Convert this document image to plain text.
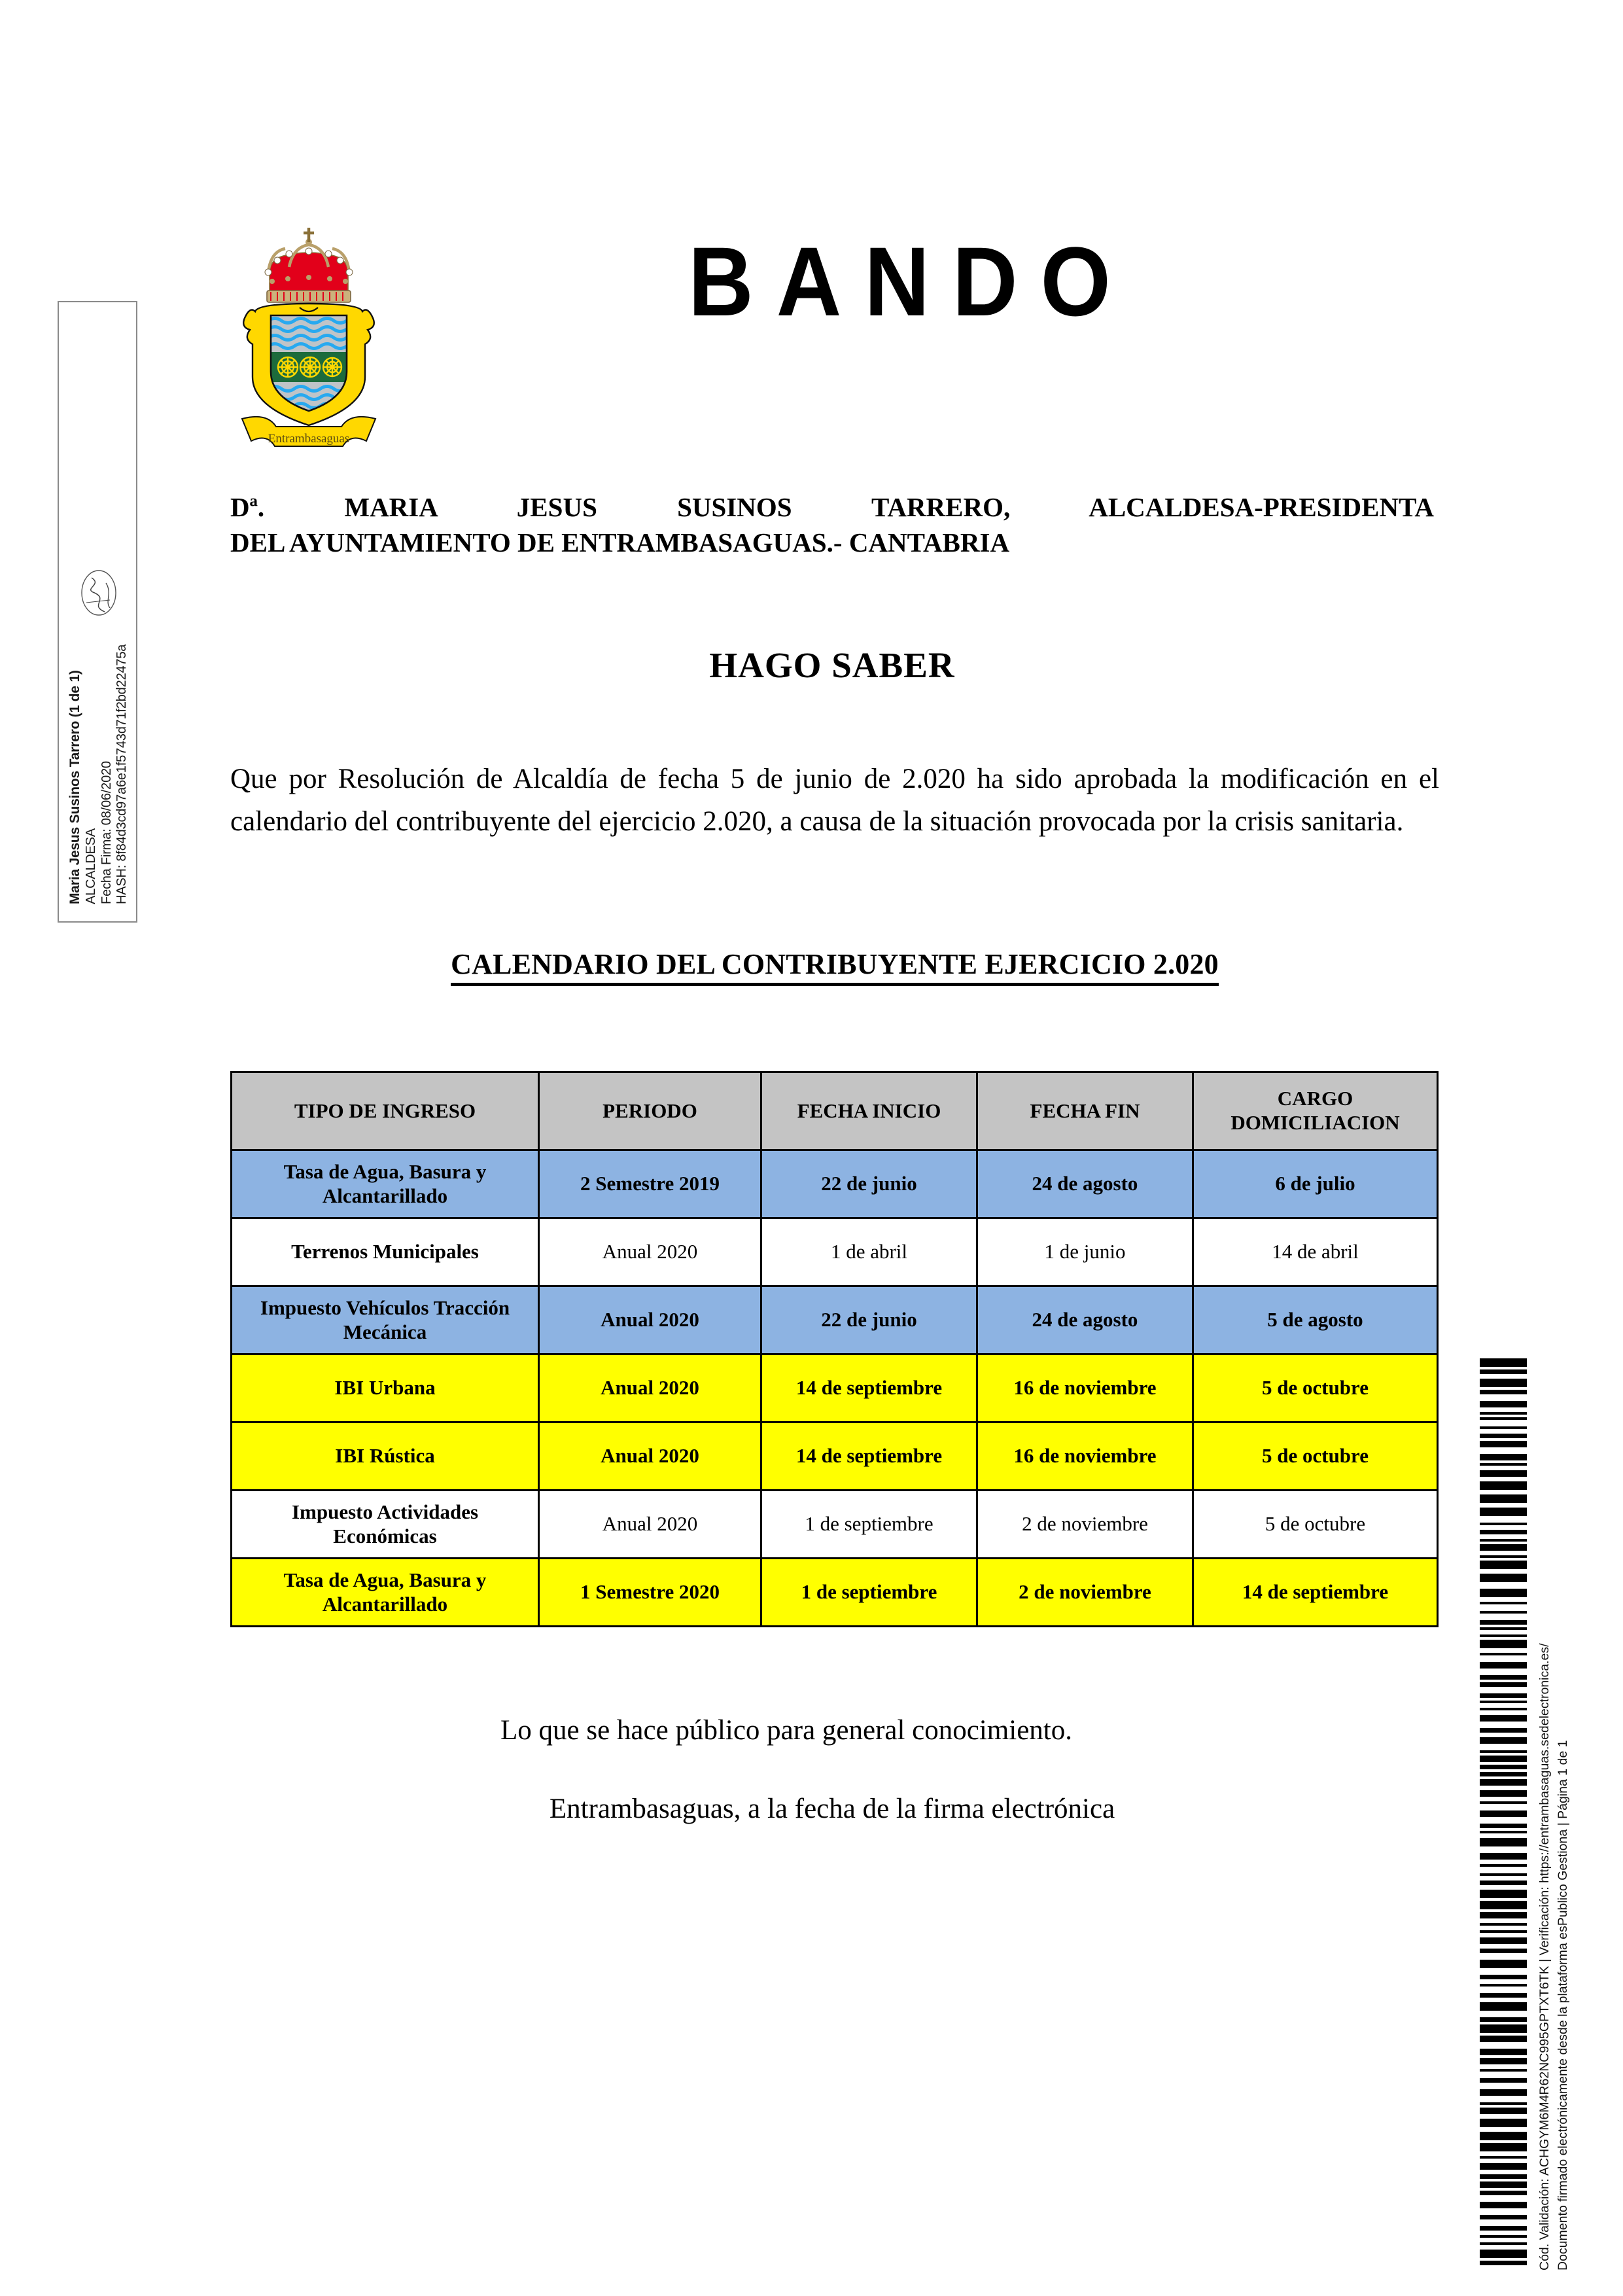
Maria Jesus Susinos Tarrero (1 de 1) ALCALDESA Fecha Firma: 08/06/2020 HASH: 8f84d3cd97a6e1f5743d71f2bd22475a
Entrambasaguas
BANDO
Dª. MARIA JESUS SUSINOS TARRERO, ALCALDESA-PRESIDENTA
DEL AYUNTAMIENTO DE ENTRAMBASAGUAS.- CANTABRIA
HAGO SABER
Que por Resolución de Alcaldía de fecha 5 de junio de 2.020 ha sido aprobada la modificación en el calendario del contribuyente del ejercicio 2.020, a causa de la situación provocada por la crisis sanitaria.
CALENDARIO DEL CONTRIBUYENTE EJERCICIO 2.020
TIPO DE INGRESO	PERIODO	FECHA INICIO	FECHA FIN	CARGO DOMICILIACION
Tasa de Agua, Basura y Alcantarillado	2 Semestre 2019	22 de junio	24 de agosto	6 de julio
Terrenos Municipales	Anual 2020	1 de abril	1 de junio	14 de abril
Impuesto Vehículos Tracción Mecánica	Anual 2020	22 de junio	24 de agosto	5 de agosto
IBI Urbana	Anual 2020	14 de septiembre	16 de noviembre	5 de octubre
IBI Rústica	Anual 2020	14 de septiembre	16 de noviembre	5 de octubre
Impuesto Actividades Económicas	Anual 2020	1 de septiembre	2 de noviembre	5 de octubre
Tasa de Agua, Basura y Alcantarillado	1 Semestre 2020	1 de septiembre	2 de noviembre	14 de septiembre
Lo que se hace público para general conocimiento.
Entrambasaguas, a la fecha de la firma electrónica	Cód. Validación: ACHGYM6M4R62NC995GPTXT6TK | Verificación: https://entrambasaguas.sedelectronica.es/ Documento firmado electrónicamente desde la plataforma esPublico Gestiona | Página 1 de 1
